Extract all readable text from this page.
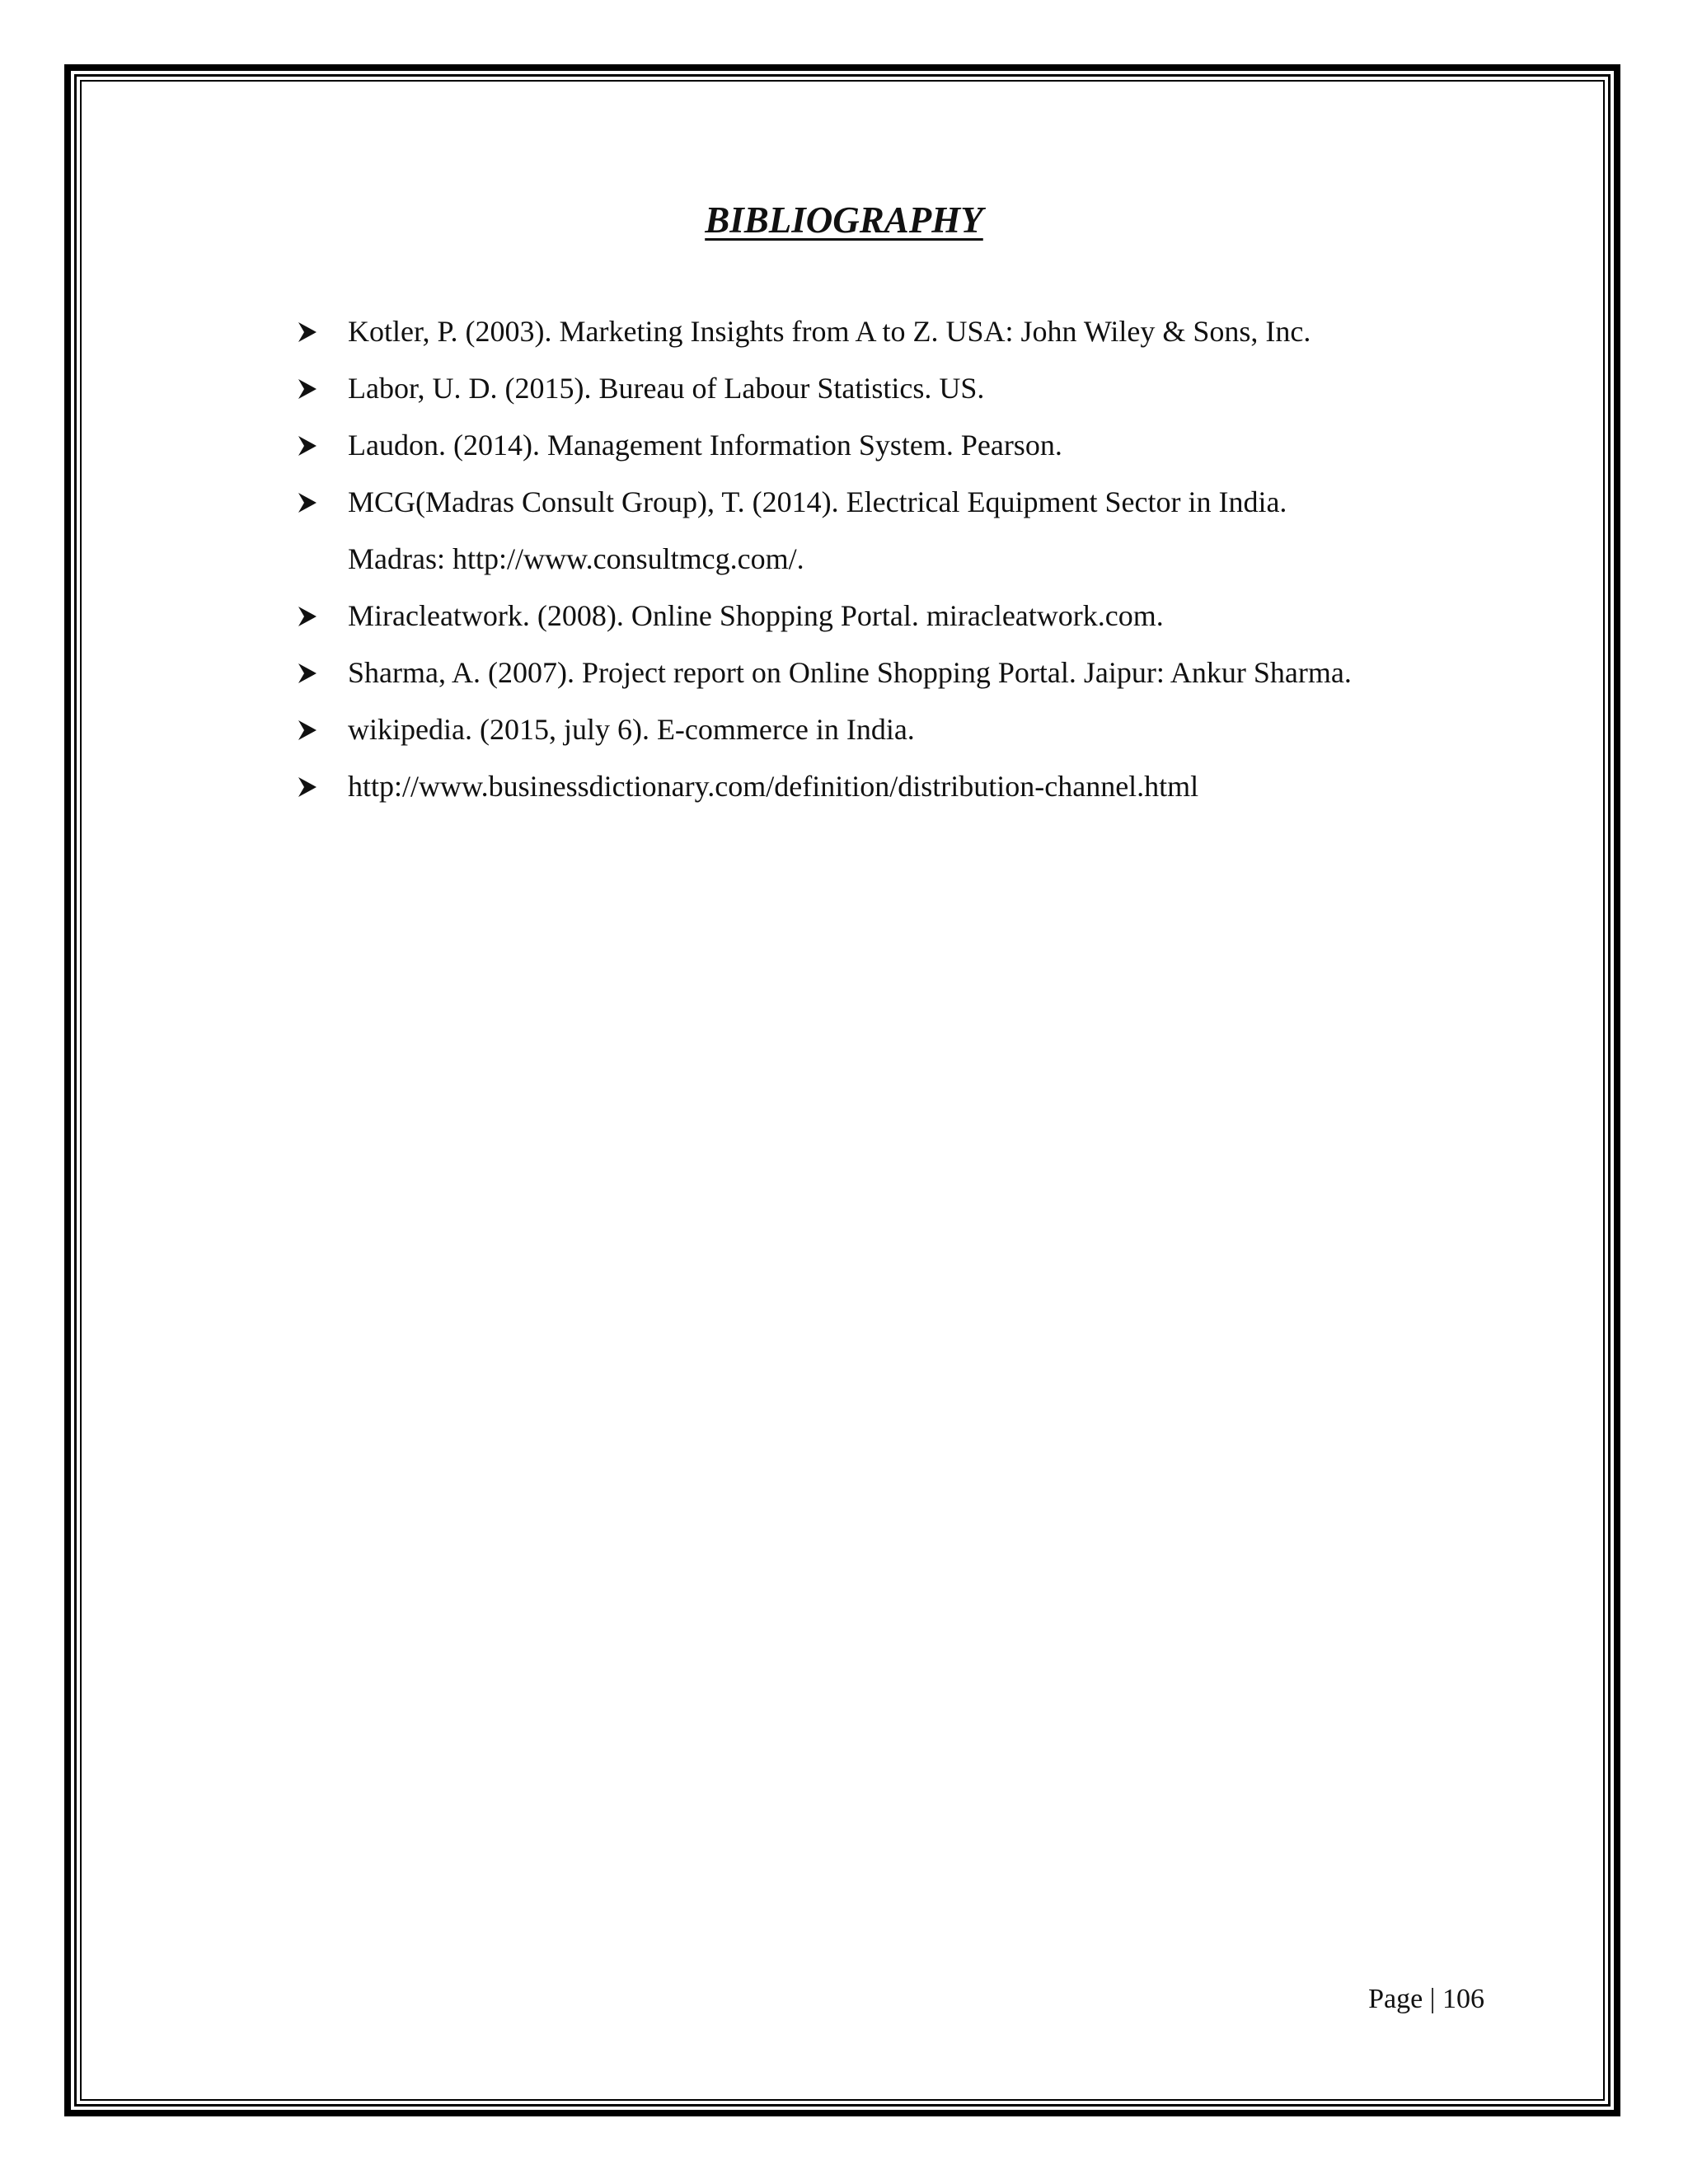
BIBLIOGRAPHY
Kotler, P. (2003). Marketing Insights from A to Z. USA: John Wiley & Sons, Inc.
Labor, U. D. (2015). Bureau of Labour Statistics. US.
Laudon. (2014). Management Information System. Pearson.
MCG(Madras Consult Group), T. (2014). Electrical Equipment Sector in India.
Madras: http://www.consultmcg.com/.
Miracleatwork. (2008). Online Shopping Portal. miracleatwork.com.
Sharma, A. (2007). Project report on Online Shopping Portal. Jaipur: Ankur Sharma.
wikipedia. (2015, july 6). E-commerce in India.
http://www.businessdictionary.com/definition/distribution-channel.html
Page | 106
